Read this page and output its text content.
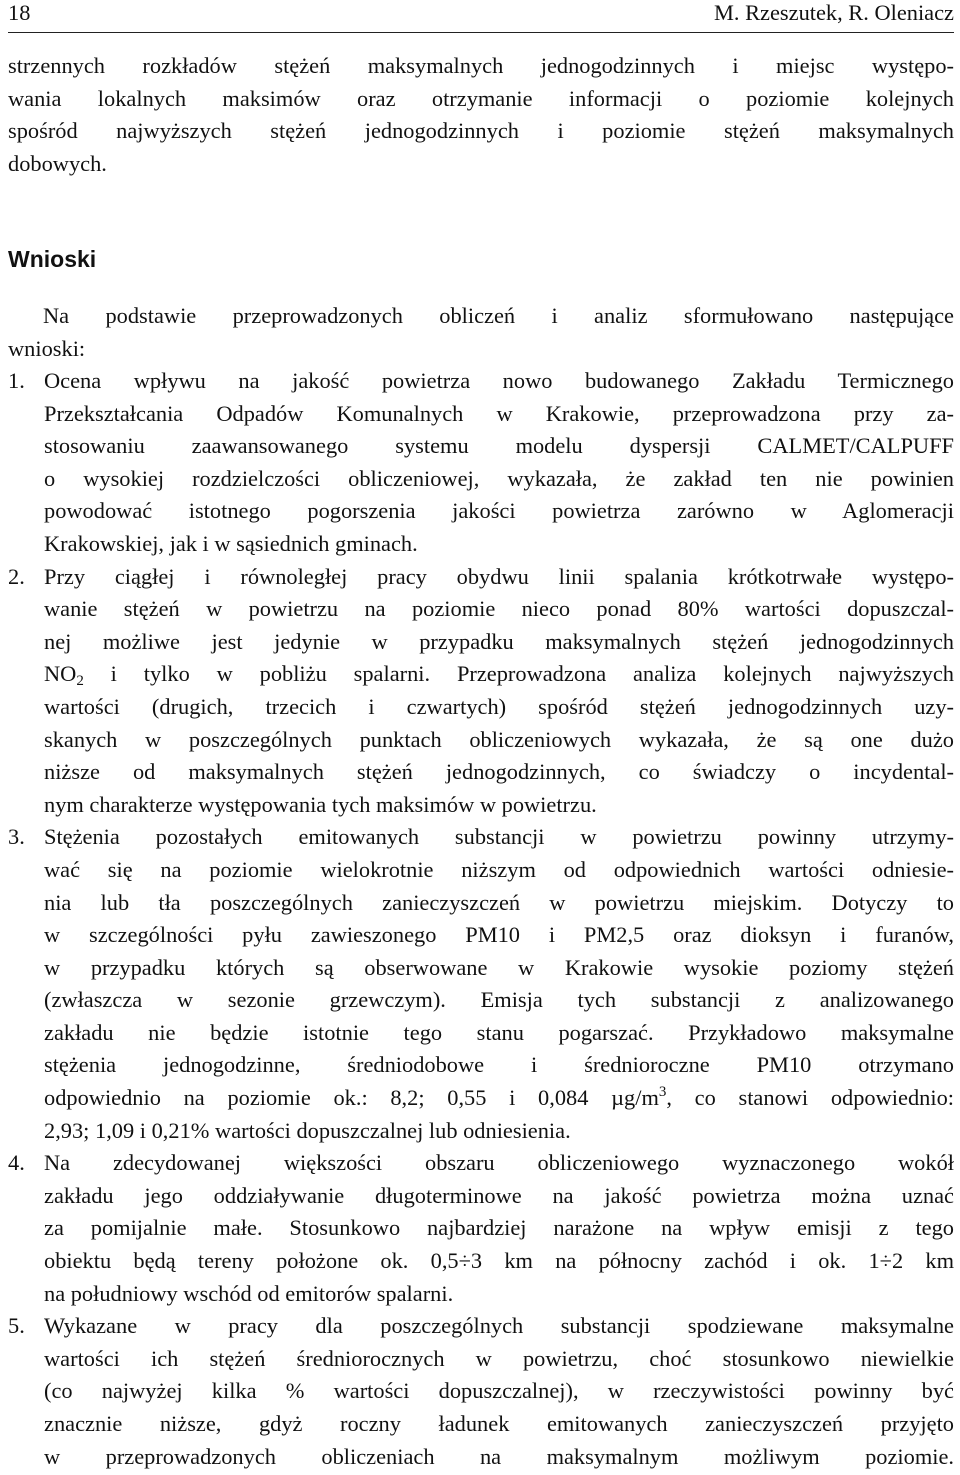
18	M. Rzeszutek, R. Oleniacz

strzennych rozkładów stężeń maksymalnych jednogodzinnych i miejsc występo-
wania lokalnych maksimów oraz otrzymanie informacji o poziomie kolejnych
spośród najwyższych stężeń jednogodzinnych i poziomie stężeń maksymalnych
dobowych.

Wnioski

Na podstawie przeprowadzonych obliczeń i analiz sformułowano następujące
wnioski:

1. Ocena wpływu na jakość powietrza nowo budowanego Zakładu Termicznego
Przekształcania Odpadów Komunalnych w Krakowie, przeprowadzona przy za-
stosowaniu zaawansowanego systemu modelu dyspersji CALMET/CALPUFF
o wysokiej rozdzielczości obliczeniowej, wykazała, że zakład ten nie powinien
powodować istotnego pogorszenia jakości powietrza zarówno w Aglomeracji
Krakowskiej, jak i w sąsiednich gminach.
2. Przy ciągłej i równoległej pracy obydwu linii spalania krótkotrwałe występo-
wanie stężeń w powietrzu na poziomie nieco ponad 80% wartości dopuszczal-
nej możliwe jest jedynie w przypadku maksymalnych stężeń jednogodzinnych
$NO_2$ i tylko w pobliżu spalarni. Przeprowadzona analiza kolejnych najwyższych
wartości (drugich, trzecich i czwartych) spośród stężeń jednogodzinnych uzy-
skanych w poszczególnych punktach obliczeniowych wykazała, że są one dużo
niższe od maksymalnych stężeń jednogodzinnych, co świadczy o incydental-
nym charakterze występowania tych maksimów w powietrzu.
3. Stężenia pozostałych emitowanych substancji w powietrzu powinny utrzymy-
wać się na poziomie wielokrotnie niższym od odpowiednich wartości odniesie-
nia lub tła poszczególnych zanieczyszczeń w powietrzu miejskim. Dotyczy to
w szczególności pyłu zawieszonego PM10 i PM2,5 oraz dioksyn i furanów,
w przypadku których są obserwowane w Krakowie wysokie poziomy stężeń
(zwłaszcza w sezonie grzewczym). Emisja tych substancji z analizowanego
zakładu nie będzie istotnie tego stanu pogarszać. Przykładowo maksymalne
stężenia jednogodzinne, średniodobowe i średnioroczne PM10 otrzymano
odpowiednio na poziomie ok.: 8,2; 0,55 i 0,084 $\mu g/m^3$, co stanowi odpowiednio:
2,93; 1,09 i 0,21% wartości dopuszczalnej lub odniesienia.
4. Na zdecydowanej większości obszaru obliczeniowego wyznaczonego wokół
zakładu jego oddziaływanie długoterminowe na jakość powietrza można uznać
za pomijalnie małe. Stosunkowo najbardziej narażone na wpływ emisji z tego
obiektu będą tereny położone ok. 0,5÷3 km na północny zachód i ok. 1÷2 km
na południowy wschód od emitorów spalarni.
5. Wykazane w pracy dla poszczególnych substancji spodziewane maksymalne
wartości ich stężeń średniorocznych w powietrzu, choć stosunkowo niewielkie
(co najwyżej kilka % wartości dopuszczalnej), w rzeczywistości powinny być
znacznie niższe, gdyż roczny ładunek emitowanych zanieczyszczeń przyjęto
w przeprowadzonych obliczeniach na maksymalnym możliwym poziomie.
